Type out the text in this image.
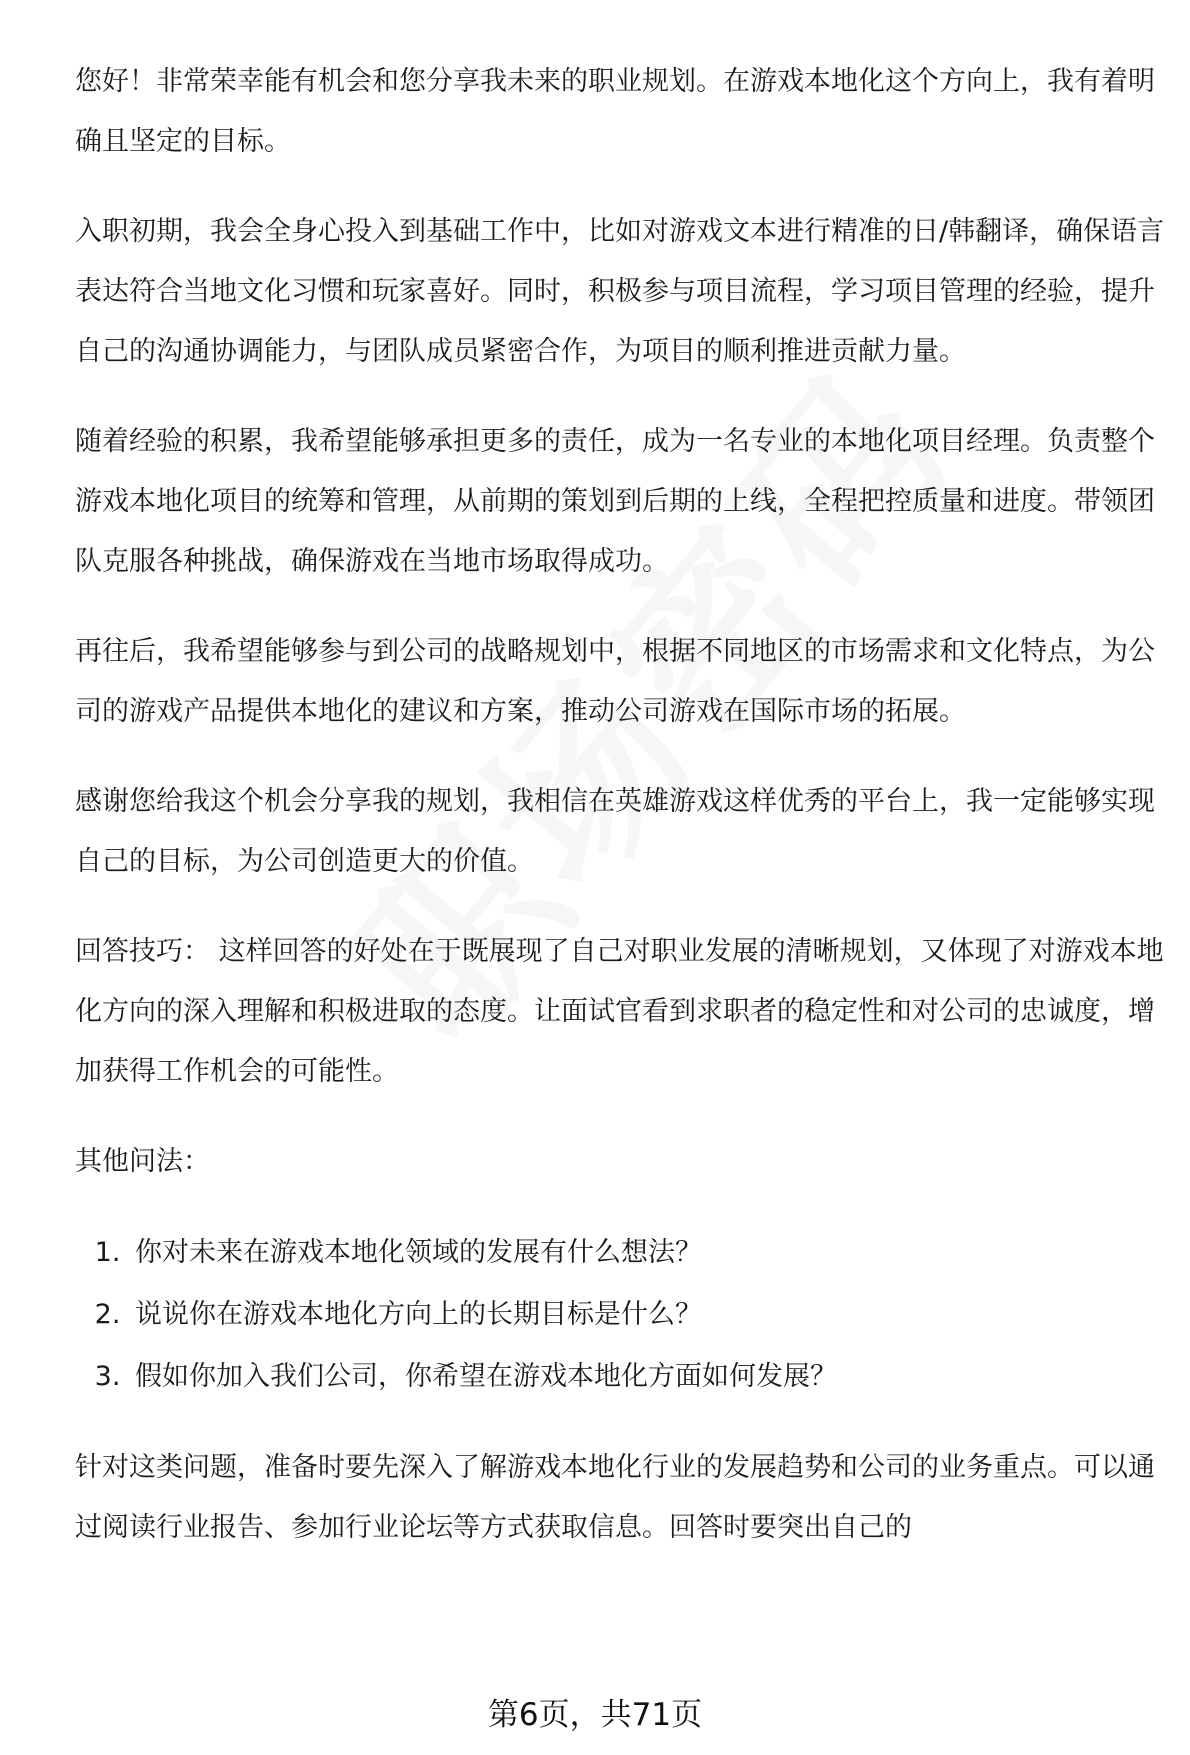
您好！非常荣幸能有机会和您分享我未来的职业规划。在游戏本地化这个方向上，我有着明确且坚定的目标。

入职初期，我会全身心投入到基础工作中，比如对游戏文本进行精准的日/韩翻译，确保语言表达符合当地文化习惯和玩家喜好。同时，积极参与项目流程，学习项目管理的经验，提升自己的沟通协调能力，与团队成员紧密合作，为项目的顺利推进贡献力量。

随着经验的积累，我希望能够承担更多的责任，成为一名专业的本地化项目经理。负责整个游戏本地化项目的统筹和管理，从前期的策划到后期的上线，全程把控质量和进度。带领团队克服各种挑战，确保游戏在当地市场取得成功。

再往后，我希望能够参与到公司的战略规划中，根据不同地区的市场需求和文化特点，为公司的游戏产品提供本地化的建议和方案，推动公司游戏在国际市场的拓展。

感谢您给我这个机会分享我的规划，我相信在英雄游戏这样优秀的平台上，我一定能够实现自己的目标，为公司创造更大的价值。

回答技巧： 这样回答的好处在于既展现了自己对职业发展的清晰规划，又体现了对游戏本地化方向的深入理解和积极进取的态度。让面试官看到求职者的稳定性和对公司的忠诚度，增加获得工作机会的可能性。

其他问法：

1. 你对未来在游戏本地化领域的发展有什么想法？
2. 说说你在游戏本地化方向上的长期目标是什么？
3. 假如你加入我们公司，你希望在游戏本地化方面如何发展？

针对这类问题，准备时要先深入了解游戏本地化行业的发展趋势和公司的业务重点。可以通过阅读行业报告、参加行业论坛等方式获取信息。回答时要突出自己的

第6页，共71页
